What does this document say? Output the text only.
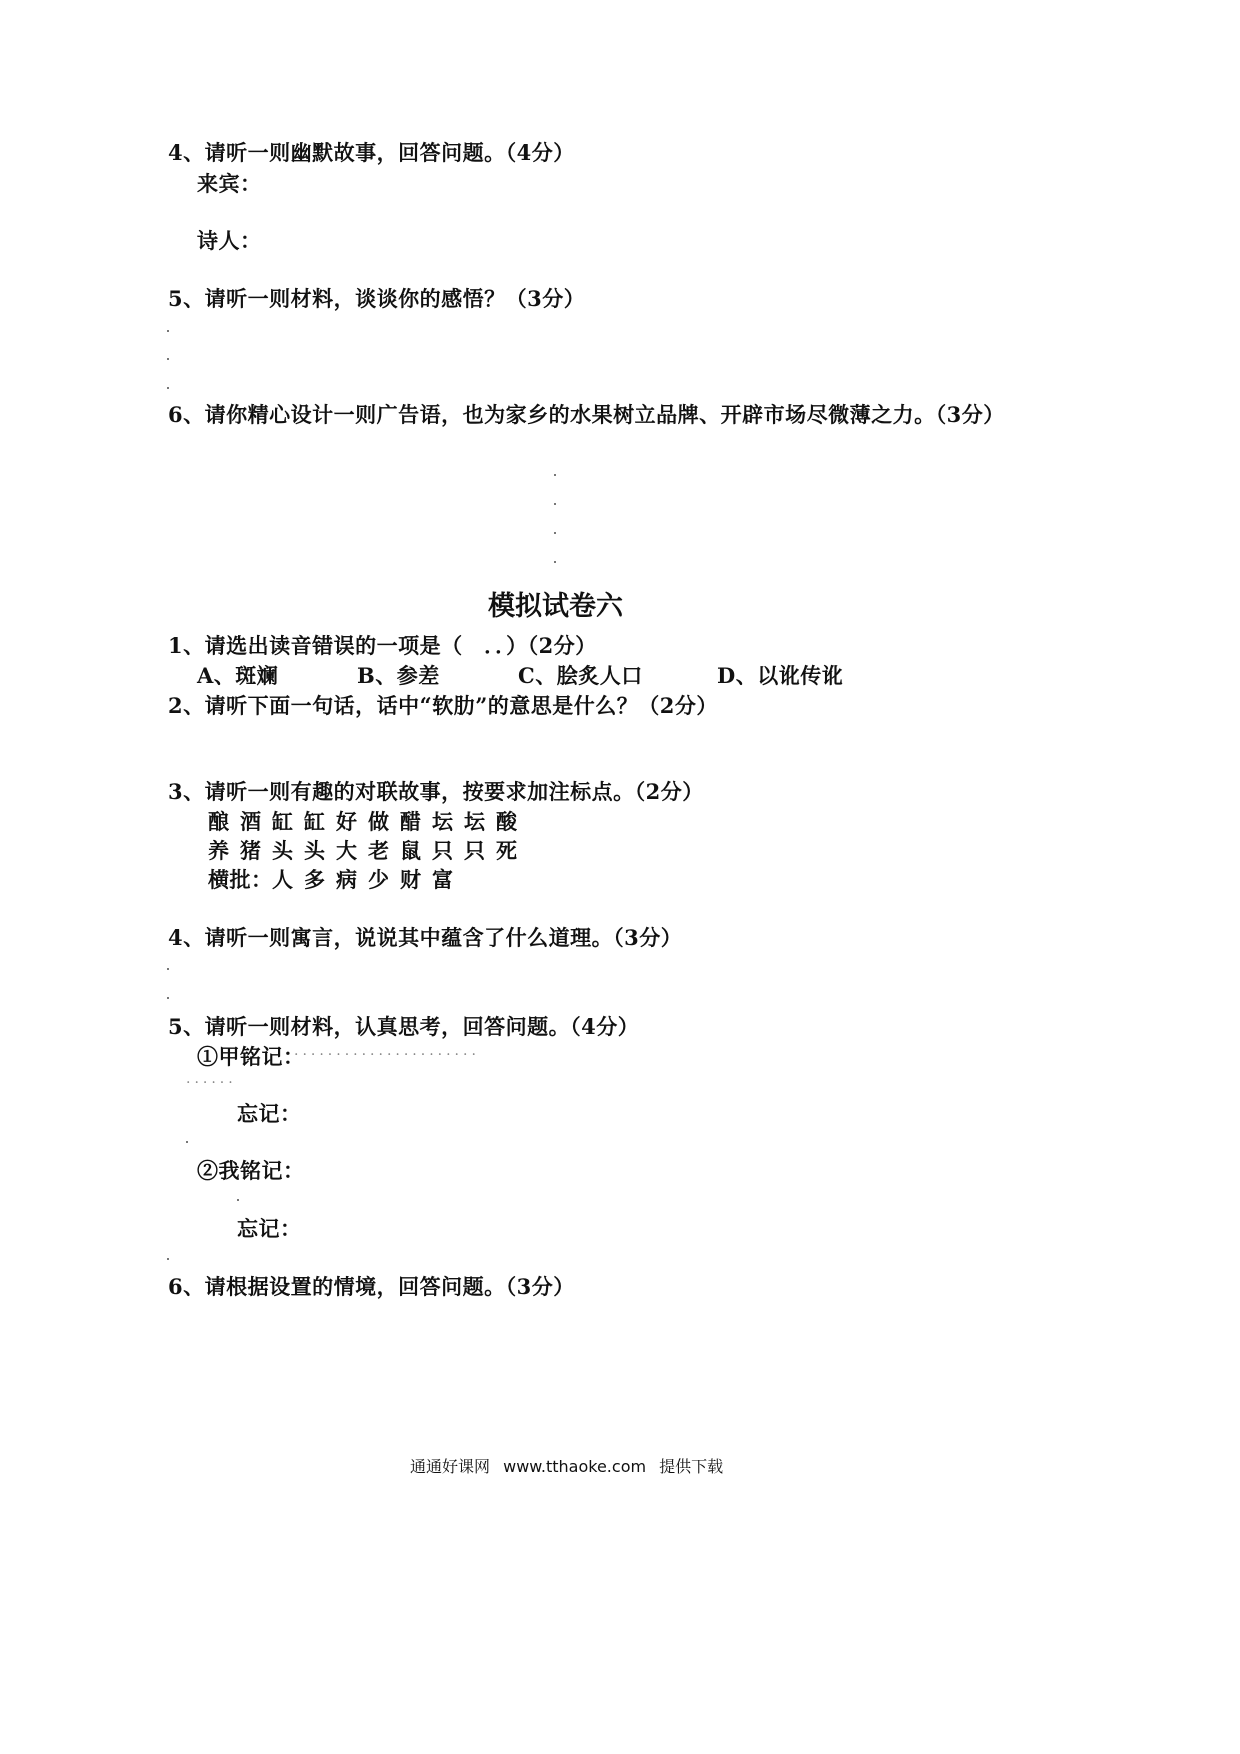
4、请听一则幽默故事，回答问题。（4分）
来宾：
诗人：
5、请听一则材料，谈谈你的感悟？（3分）
6、请你精心设计一则广告语，也为家乡的水果树立品牌、开辟市场尽微薄之力。（3分）
模拟试卷六
1、请选出读音错误的一项是（　．．）（2分）
A、斑斓	B、参差	C、脍炙人口	D、以讹传讹
2、请听下面一句话，话中“软肋”的意思是什么？（2分）
3、请听一则有趣的对联故事，按要求加注标点。（2分）
酿 酒 缸 缸 好 做 醋 坛 坛 酸
养 猪 头 头 大 老 鼠 只 只 死
横批：人 多 病 少 财 富
4、请听一则寓言，说说其中蕴含了什么道理。（3分）
5、请听一则材料，认真思考，回答问题。（4分）
①甲铭记：
......................
......
忘记：
②我铭记：
忘记：
6、请根据设置的情境，回答问题。（3分）
通通好课网 www.tthaoke.com 提供下载
